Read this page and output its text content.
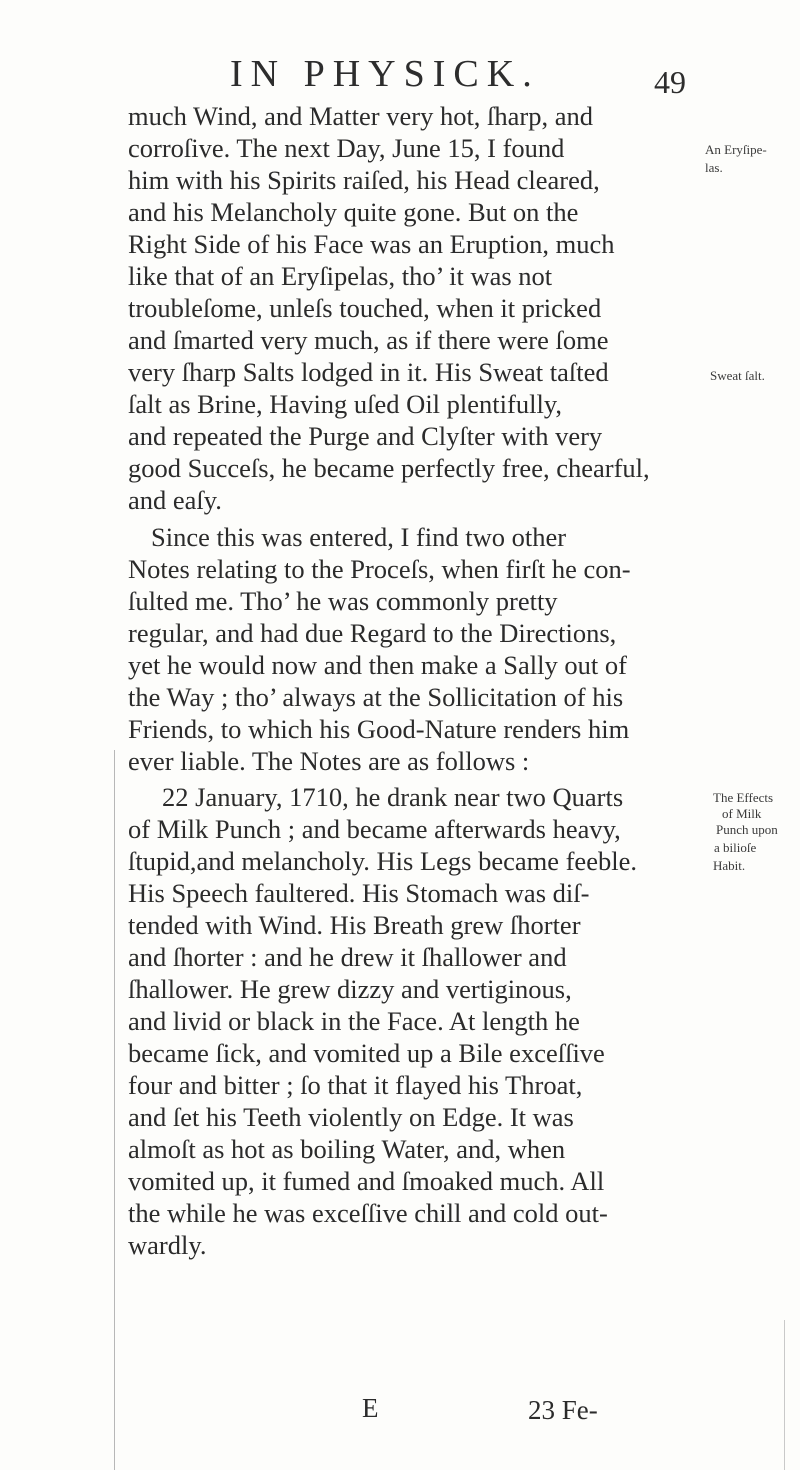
IN PHYSICK.	49
much Wind, and Matter very hot, ſharp, and
corroſive. The next Day, June 15, I found
him with his Spirits raiſed, his Head cleared,
and his Melancholy quite gone. But on the
Right Side of his Face was an Eruption, much
like that of an Eryſipelas, tho’ it was not
troubleſome, unleſs touched, when it pricked
and ſmarted very much, as if there were ſome
very ſharp Salts lodged in it. His Sweat taſted
ſalt as Brine, Having uſed Oil plentifully,
and repeated the Purge and Clyſter with very
good Succeſs, he became perfectly free, chearful,
and eaſy.
Since this was entered, I find two other
Notes relating to the Proceſs, when firſt he con-
ſulted me. Tho’ he was commonly pretty
regular, and had due Regard to the Directions,
yet he would now and then make a Sally out of
the Way ; tho’ always at the Sollicitation of his
Friends, to which his Good-Nature renders him
ever liable. The Notes are as follows :
22 January, 1710, he drank near two Quarts
of Milk Punch ; and became afterwards heavy,
ſtupid,and melancholy. His Legs became feeble.
His Speech faultered. His Stomach was diſ-
tended with Wind. His Breath grew ſhorter
and ſhorter : and he drew it ſhallower and
ſhallower. He grew dizzy and vertiginous,
and livid or black in the Face. At length he
became ſick, and vomited up a Bile exceſſive
four and bitter ; ſo that it flayed his Throat,
and ſet his Teeth violently on Edge. It was
almoſt as hot as boiling Water, and, when
vomited up, it fumed and ſmoaked much. All
the while he was exceſſive chill and cold out-
wardly.
An Eryſipe-
las.
Sweat ſalt.
The Effects
of Milk
Punch upon
a bilioſe
Habit.
E	23 Fe-
